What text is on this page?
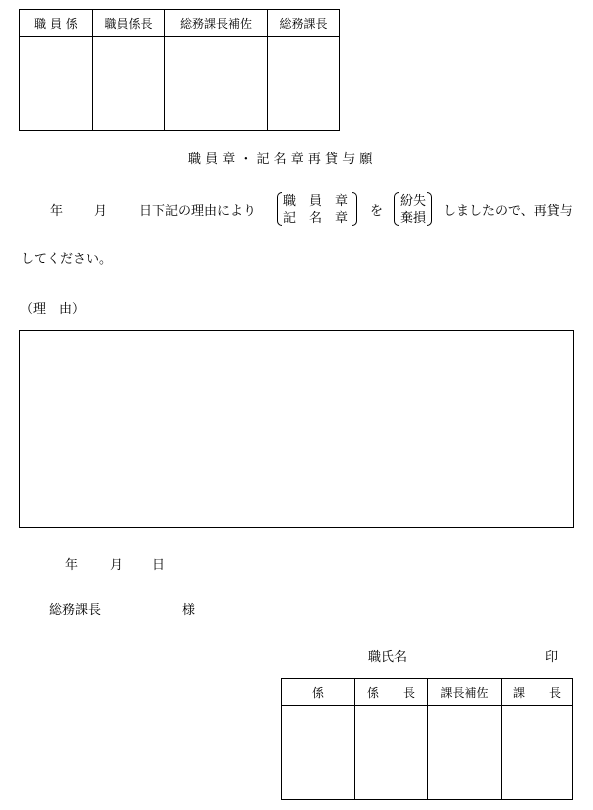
職 員 係	職員係長	総務課長補佐	総務課長

職 員 章 ・ 記 名 章 再 貸 与 願
年 月 日下記の理由により
職　員　章
記　名　章 を
紛失
棄損 しましたので、再貸与
してください。
（理　由）
年 月 日
総務課長	様
職氏名	印
係	係　　長	課長補佐	課　　長
